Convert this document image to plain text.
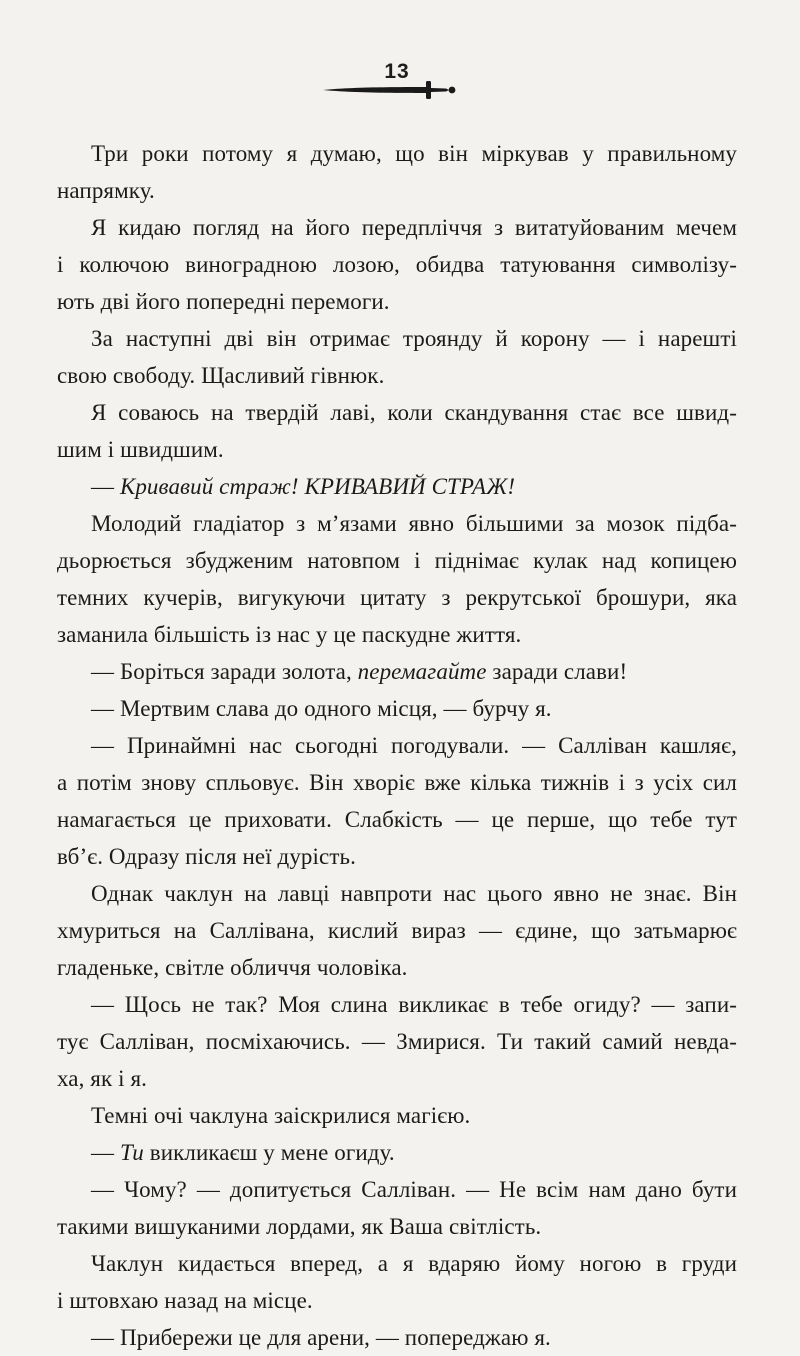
13
Три роки потому я думаю, що він міркував у правильному
напрямку.
Я кидаю погляд на його передпліччя з витатуйованим мечем
і колючою виноградною лозою, обидва татуювання символізу-
ють дві його попередні перемоги.
За наступні дві він отримає троянду й корону — і нарешті
свою свободу. Щасливий гівнюк.
Я соваюсь на твердій лаві, коли скандування стає все швид-
шим і швидшим.
— Кривавий страж! КРИВАВИЙ СТРАЖ!
Молодий гладіатор з м’язами явно більшими за мозок підба-
дьорюється збудженим натовпом і піднімає кулак над копицею
темних кучерів, вигукуючи цитату з рекрутської брошури, яка
заманила більшість із нас у це паскудне життя.
— Боріться заради золота, перемагайте заради слави!
— Мертвим слава до одного місця, — бурчу я.
— Принаймні нас сьогодні погодували. — Салліван кашляє,
а потім знову спльовує. Він хворіє вже кілька тижнів і з усіх сил
намагається це приховати. Слабкість — це перше, що тебе тут
вб’є. Одразу після неї дурість.
Однак чаклун на лавці навпроти нас цього явно не знає. Він
хмуриться на Саллівана, кислий вираз — єдине, що затьмарює
гладеньке, світле обличчя чоловіка.
— Щось не так? Моя слина викликає в тебе огиду? — запи-
тує Салліван, посміхаючись. — Змирися. Ти такий самий невда-
ха, як і я.
Темні очі чаклуна заіскрилися магією.
— Ти викликаєш у мене огиду.
— Чому? — допитується Салліван. — Не всім нам дано бути
такими вишуканими лордами, як Ваша світлість.
Чаклун кидається вперед, а я вдаряю йому ногою в груди
і штовхаю назад на місце.
— Прибережи це для арени, — попереджаю я.
